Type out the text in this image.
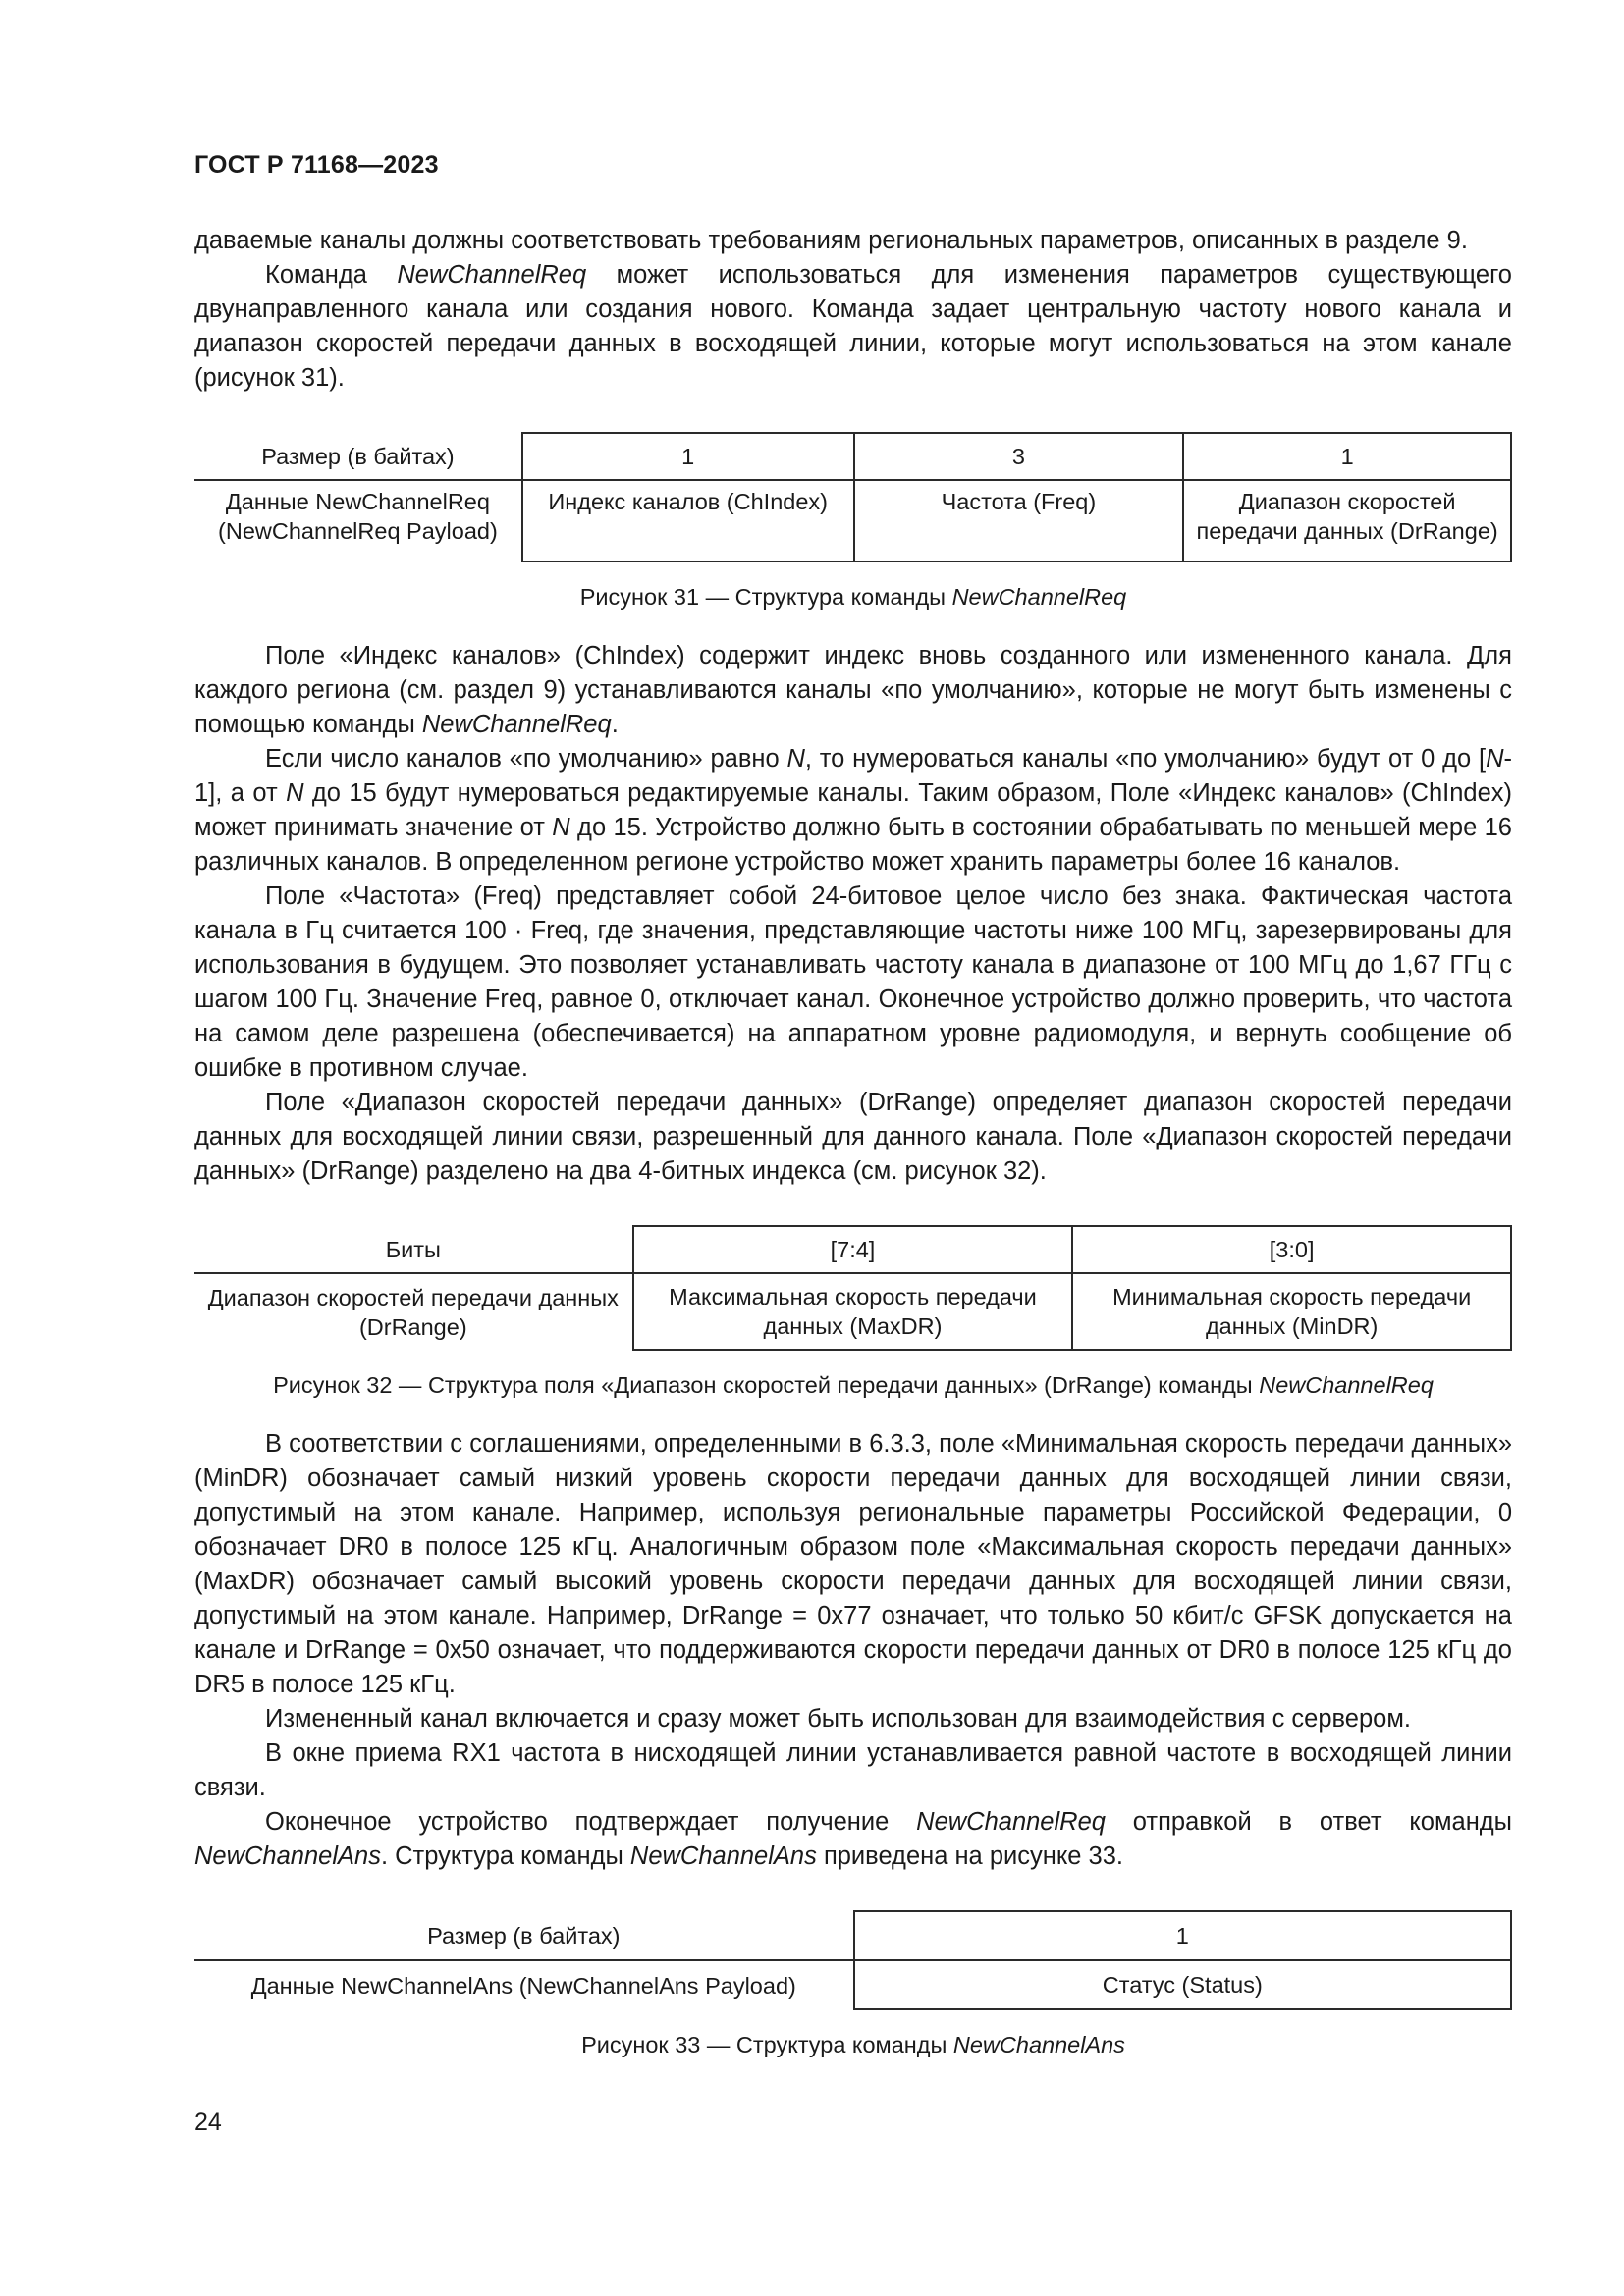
ГОСТ Р 71168—2023

даваемые каналы должны соответствовать требованиям региональных параметров, описанных в разделе 9.

Команда NewChannelReq может использоваться для изменения параметров существующего двунаправленного канала или создания нового. Команда задает центральную частоту нового канала и диапазон скоростей передачи данных в восходящей линии, которые могут использоваться на этом канале (рисунок 31).

Размер (в байтах)	1	3	1
Данные NewChannelReq (NewChannelReq Payload)	Индекс каналов (ChIndex)	Частота (Freq)	Диапазон скоростей передачи данных (DrRange)
Рисунок 31 — Структура команды NewChannelReq

Поле «Индекс каналов» (ChIndex) содержит индекс вновь созданного или измененного канала. Для каждого региона (см. раздел 9) устанавливаются каналы «по умолчанию», которые не могут быть изменены с помощью команды NewChannelReq.

Если число каналов «по умолчанию» равно N, то нумероваться каналы «по умолчанию» будут от 0 до [N-1], а от N до 15 будут нумероваться редактируемые каналы. Таким образом, Поле «Индекс каналов» (ChIndex) может принимать значение от N до 15. Устройство должно быть в состоянии обрабатывать по меньшей мере 16 различных каналов. В определенном регионе устройство может хранить параметры более 16 каналов.

Поле «Частота» (Freq) представляет собой 24-битовое целое число без знака. Фактическая частота канала в Гц считается 100 · Freq, где значения, представляющие частоты ниже 100 МГц, зарезервированы для использования в будущем. Это позволяет устанавливать частоту канала в диапазоне от 100 МГц до 1,67 ГГц с шагом 100 Гц. Значение Freq, равное 0, отключает канал. Оконечное устройство должно проверить, что частота на самом деле разрешена (обеспечивается) на аппаратном уровне радиомодуля, и вернуть сообщение об ошибке в противном случае.

Поле «Диапазон скоростей передачи данных» (DrRange) определяет диапазон скоростей передачи данных для восходящей линии связи, разрешенный для данного канала. Поле «Диапазон скоростей передачи данных» (DrRange) разделено на два 4-битных индекса (см. рисунок 32).

Биты	[7:4]	[3:0]
Диапазон скоростей передачи данных (DrRange)	Максимальная скорость передачи данных (MaxDR)	Минимальная скорость передачи данных (MinDR)
Рисунок 32 — Структура поля «Диапазон скоростей передачи данных» (DrRange) команды NewChannelReq

В соответствии с соглашениями, определенными в 6.3.3, поле «Минимальная скорость передачи данных» (MinDR) обозначает самый низкий уровень скорости передачи данных для восходящей линии связи, допустимый на этом канале. Например, используя региональные параметры Российской Федерации, 0 обозначает DR0 в полосе 125 кГц. Аналогичным образом поле «Максимальная скорость передачи данных» (MaxDR) обозначает самый высокий уровень скорости передачи данных для восходящей линии связи, допустимый на этом канале. Например, DrRange = 0x77 означает, что только 50 кбит/с GFSK допускается на канале и DrRange = 0x50 означает, что поддерживаются скорости передачи данных от DR0 в полосе 125 кГц до DR5 в полосе 125 кГц.

Измененный канал включается и сразу может быть использован для взаимодействия с сервером.

В окне приема RX1 частота в нисходящей линии устанавливается равной частоте в восходящей линии связи.

Оконечное устройство подтверждает получение NewChannelReq отправкой в ответ команды NewChannelAns. Структура команды NewChannelAns приведена на рисунке 33.

Размер (в байтах)	1
Данные NewChannelAns (NewChannelAns Payload)	Статус (Status)
Рисунок 33 — Структура команды NewChannelAns
24
